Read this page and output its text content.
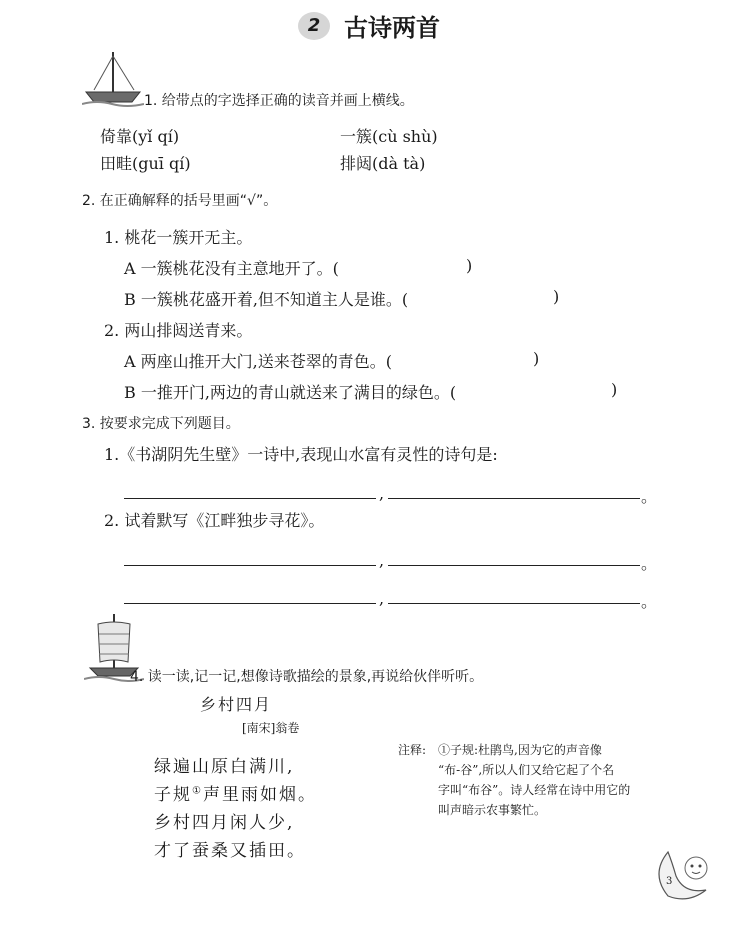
2 古诗两首
1. 给带点的字选择正确的读音并画上横线。
倚靠(yǐ qí)	一簇(cù shù)
田畦(guī qí)	排闼(dà tà)
2. 在正确解释的括号里画“√”。
1. 桃花一簇开无主。
A 一簇桃花没有主意地开了。(	)
B 一簇桃花盛开着,但不知道主人是谁。(	)
2. 两山排闼送青来。
A 两座山推开大门,送来苍翠的青色。(	)
B 一推开门,两边的青山就送来了满目的绿色。(	)
3. 按要求完成下列题目。
1.《书湖阴先生壁》一诗中,表现山水富有灵性的诗句是:
,	。
2. 试着默写《江畔独步寻花》。
,	。
,	。
4. 读一读,记一记,想像诗歌描绘的景象,再说给伙伴听听。
乡村四月
[南宋]翁卷
绿遍山原白满川,
子规①声里雨如烟。
乡村四月闲人少,
才了蚕桑又插田。
注释: ①子规:杜鹃鸟,因为它的声音像
“布-谷”,所以人们又给它起了个名
字叫“布谷”。诗人经常在诗中用它的
叫声暗示农事繁忙。
3
